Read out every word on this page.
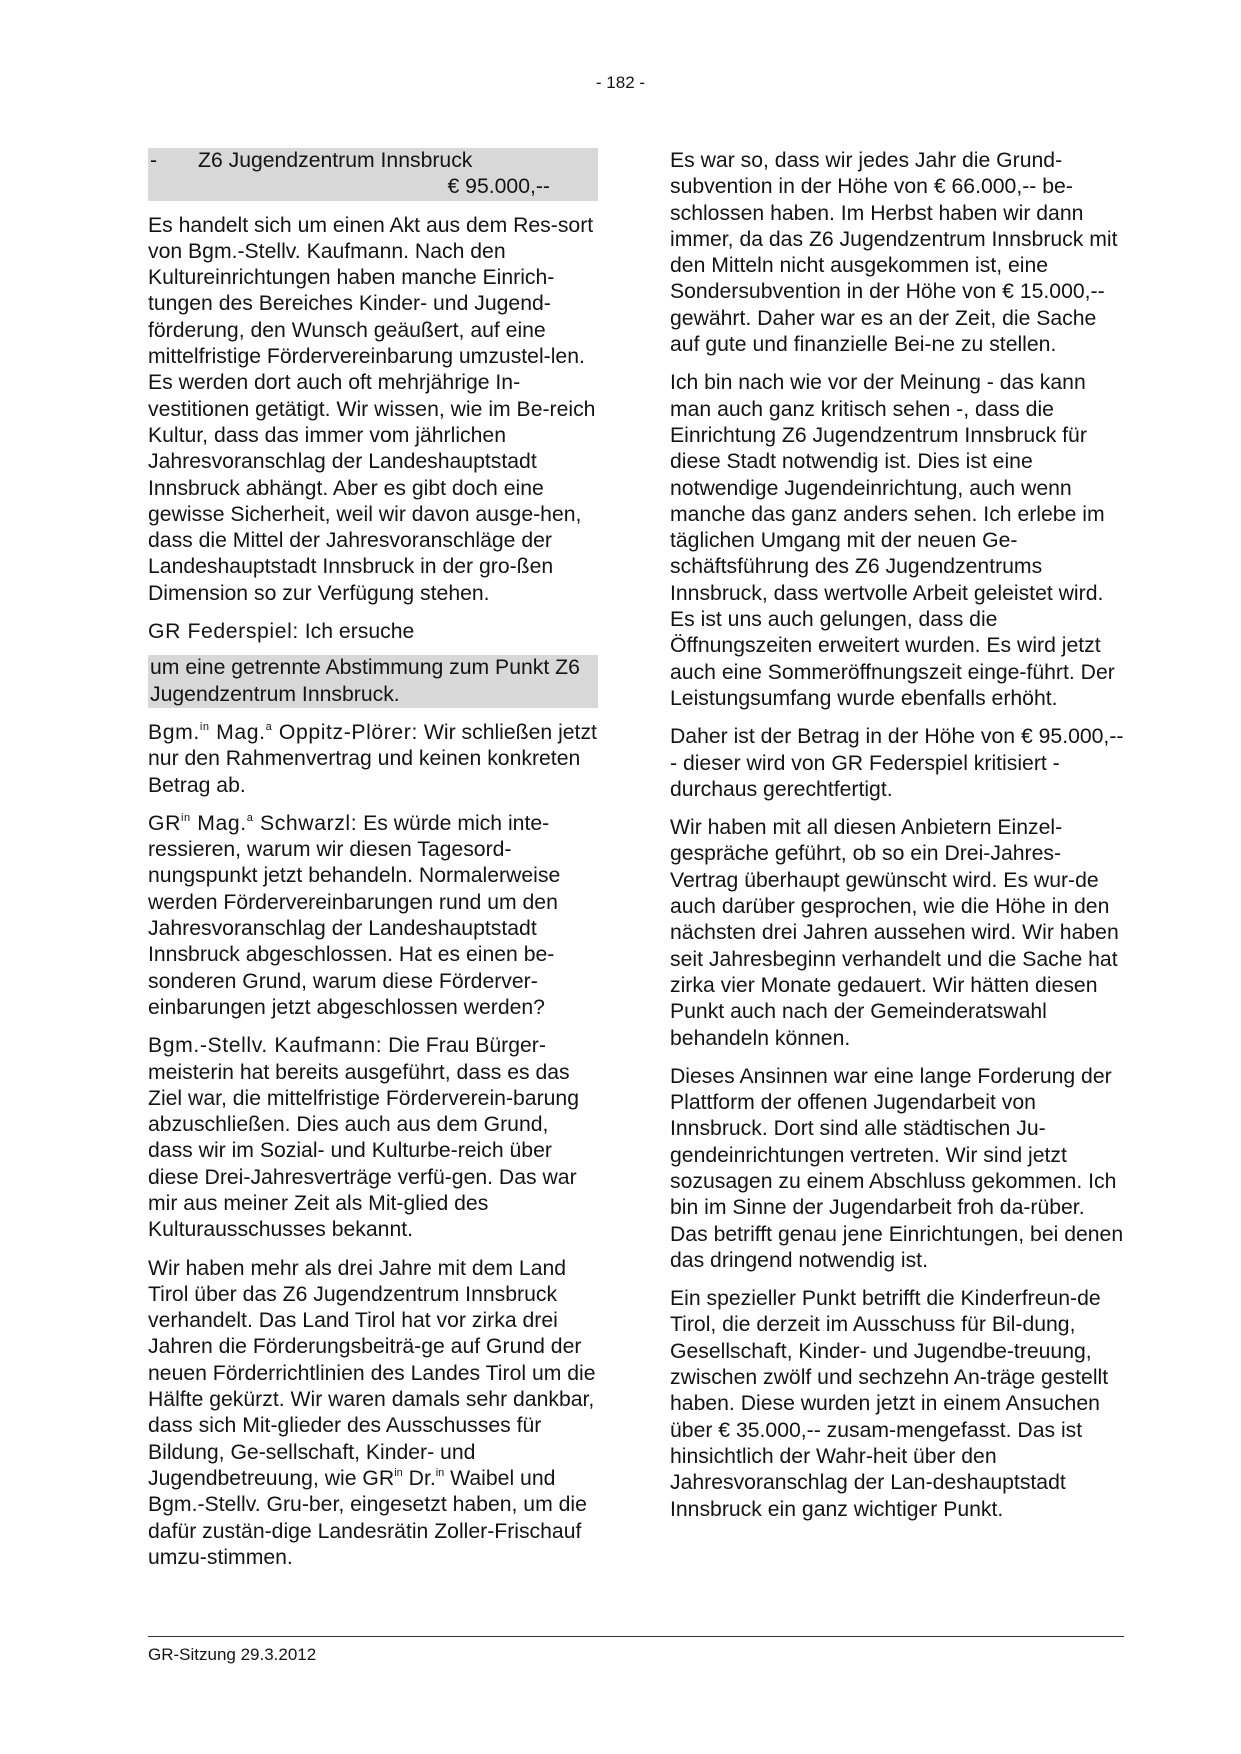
- 182 -
-	Z6 Jugendzentrum Innsbruck
€ 95.000,--

Es handelt sich um einen Akt aus dem Res-sort von Bgm.-Stellv. Kaufmann. Nach den Kultureinrichtungen haben manche Einrich-tungen des Bereiches Kinder- und Jugend-förderung, den Wunsch geäußert, auf eine mittelfristige Fördervereinbarung umzustel-len. Es werden dort auch oft mehrjährige In-vestitionen getätigt. Wir wissen, wie im Be-reich Kultur, dass das immer vom jährlichen Jahresvoranschlag der Landeshauptstadt Innsbruck abhängt. Aber es gibt doch eine gewisse Sicherheit, weil wir davon ausge-hen, dass die Mittel der Jahresvoranschläge der Landeshauptstadt Innsbruck in der gro-ßen Dimension so zur Verfügung stehen.

GR Federspiel: Ich ersuche

um eine getrennte Abstimmung zum Punkt Z6 Jugendzentrum Innsbruck.

Bgm.$^{in}$ Mag.$^a$ Oppitz-Plörer: Wir schließen jetzt nur den Rahmenvertrag und keinen konkreten Betrag ab.

$GR^{in}$ Mag.$^a$ Schwarzl: Es würde mich inte-ressieren, warum wir diesen Tagesord-nungspunkt jetzt behandeln. Normalerweise werden Fördervereinbarungen rund um den Jahresvoranschlag der Landeshauptstadt Innsbruck abgeschlossen. Hat es einen be-sonderen Grund, warum diese Förderver-einbarungen jetzt abgeschlossen werden?

Bgm.-Stellv. Kaufmann: Die Frau Bürger-meisterin hat bereits ausgeführt, dass es das Ziel war, die mittelfristige Förderverein-barung abzuschließen. Dies auch aus dem Grund, dass wir im Sozial- und Kulturbe-reich über diese Drei-Jahresverträge verfü-gen. Das war mir aus meiner Zeit als Mit-glied des Kulturausschusses bekannt.

Wir haben mehr als drei Jahre mit dem Land Tirol über das Z6 Jugendzentrum Innsbruck verhandelt. Das Land Tirol hat vor zirka drei Jahren die Förderungsbeiträ-ge auf Grund der neuen Förderrichtlinien des Landes Tirol um die Hälfte gekürzt. Wir waren damals sehr dankbar, dass sich Mit-glieder des Ausschusses für Bildung, Ge-sellschaft, Kinder- und Jugendbetreuung, wie $GR^{in}$ Dr.$^{in}$ Waibel und Bgm.-Stellv. Gru-ber, eingesetzt haben, um die dafür zustän-dige Landesrätin Zoller-Frischauf umzu-stimmen.

Es war so, dass wir jedes Jahr die Grund-subvention in der Höhe von € 66.000,-- be-schlossen haben. Im Herbst haben wir dann immer, da das Z6 Jugendzentrum Innsbruck mit den Mitteln nicht ausgekommen ist, eine Sondersubvention in der Höhe von € 15.000,-- gewährt. Daher war es an der Zeit, die Sache auf gute und finanzielle Bei-ne zu stellen.

Ich bin nach wie vor der Meinung - das kann man auch ganz kritisch sehen -, dass die Einrichtung Z6 Jugendzentrum Innsbruck für diese Stadt notwendig ist. Dies ist eine notwendige Jugendeinrichtung, auch wenn manche das ganz anders sehen. Ich erlebe im täglichen Umgang mit der neuen Ge-schäftsführung des Z6 Jugendzentrums Innsbruck, dass wertvolle Arbeit geleistet wird. Es ist uns auch gelungen, dass die Öffnungszeiten erweitert wurden. Es wird jetzt auch eine Sommeröffnungszeit einge-führt. Der Leistungsumfang wurde ebenfalls erhöht.

Daher ist der Betrag in der Höhe von € 95.000,-- - dieser wird von GR Federspiel kritisiert - durchaus gerechtfertigt.

Wir haben mit all diesen Anbietern Einzel-gespräche geführt, ob so ein Drei-Jahres-Vertrag überhaupt gewünscht wird. Es wur-de auch darüber gesprochen, wie die Höhe in den nächsten drei Jahren aussehen wird. Wir haben seit Jahresbeginn verhandelt und die Sache hat zirka vier Monate gedauert. Wir hätten diesen Punkt auch nach der Gemeinderatswahl behandeln können.

Dieses Ansinnen war eine lange Forderung der Plattform der offenen Jugendarbeit von Innsbruck. Dort sind alle städtischen Ju-gendeinrichtungen vertreten. Wir sind jetzt sozusagen zu einem Abschluss gekommen. Ich bin im Sinne der Jugendarbeit froh da-rüber. Das betrifft genau jene Einrichtungen, bei denen das dringend notwendig ist.

Ein spezieller Punkt betrifft die Kinderfreun-de Tirol, die derzeit im Ausschuss für Bil-dung, Gesellschaft, Kinder- und Jugendbe-treuung, zwischen zwölf und sechzehn An-träge gestellt haben. Diese wurden jetzt in einem Ansuchen über € 35.000,-- zusam-mengefasst. Das ist hinsichtlich der Wahr-heit über den Jahresvoranschlag der Lan-deshauptstadt Innsbruck ein ganz wichtiger Punkt.

GR-Sitzung 29.3.2012
